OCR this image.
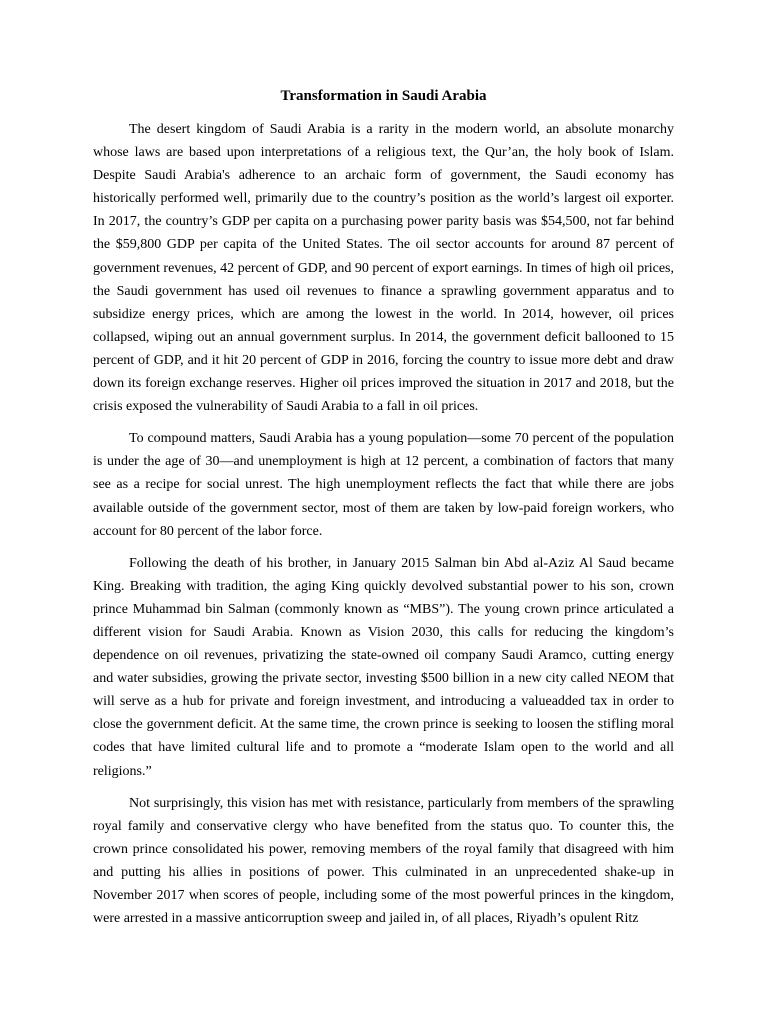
Transformation in Saudi Arabia

The desert kingdom of Saudi Arabia is a rarity in the modern world, an absolute monarchy whose laws are based upon interpretations of a religious text, the Qur’an, the holy book of Islam. Despite Saudi Arabia's adherence to an archaic form of government, the Saudi economy has historically performed well, primarily due to the country’s position as the world’s largest oil exporter. In 2017, the country’s GDP per capita on a purchasing power parity basis was $54,500, not far behind the $59,800 GDP per capita of the United States. The oil sector accounts for around 87 percent of government revenues, 42 percent of GDP, and 90 percent of export earnings. In times of high oil prices, the Saudi government has used oil revenues to finance a sprawling government apparatus and to subsidize energy prices, which are among the lowest in the world. In 2014, however, oil prices collapsed, wiping out an annual government surplus. In 2014, the government deficit ballooned to 15 percent of GDP, and it hit 20 percent of GDP in 2016, forcing the country to issue more debt and draw down its foreign exchange reserves. Higher oil prices improved the situation in 2017 and 2018, but the crisis exposed the vulnerability of Saudi Arabia to a fall in oil prices.

To compound matters, Saudi Arabia has a young population—some 70 percent of the population is under the age of 30—and unemployment is high at 12 percent, a combination of factors that many see as a recipe for social unrest. The high unemployment reflects the fact that while there are jobs available outside of the government sector, most of them are taken by low-paid foreign workers, who account for 80 percent of the labor force.

Following the death of his brother, in January 2015 Salman bin Abd al-Aziz Al Saud became King. Breaking with tradition, the aging King quickly devolved substantial power to his son, crown prince Muhammad bin Salman (commonly known as “MBS”). The young crown prince articulated a different vision for Saudi Arabia. Known as Vision 2030, this calls for reducing the kingdom’s dependence on oil revenues, privatizing the state-owned oil company Saudi Aramco, cutting energy and water subsidies, growing the private sector, investing $500 billion in a new city called NEOM that will serve as a hub for private and foreign investment, and introducing a valueadded tax in order to close the government deficit. At the same time, the crown prince is seeking to loosen the stifling moral codes that have limited cultural life and to promote a “moderate Islam open to the world and all religions.”

Not surprisingly, this vision has met with resistance, particularly from members of the sprawling royal family and conservative clergy who have benefited from the status quo. To counter this, the crown prince consolidated his power, removing members of the royal family that disagreed with him and putting his allies in positions of power. This culminated in an unprecedented shake-up in November 2017 when scores of people, including some of the most powerful princes in the kingdom, were arrested in a massive anticorruption sweep and jailed in, of all places, Riyadh’s opulent Ritz
